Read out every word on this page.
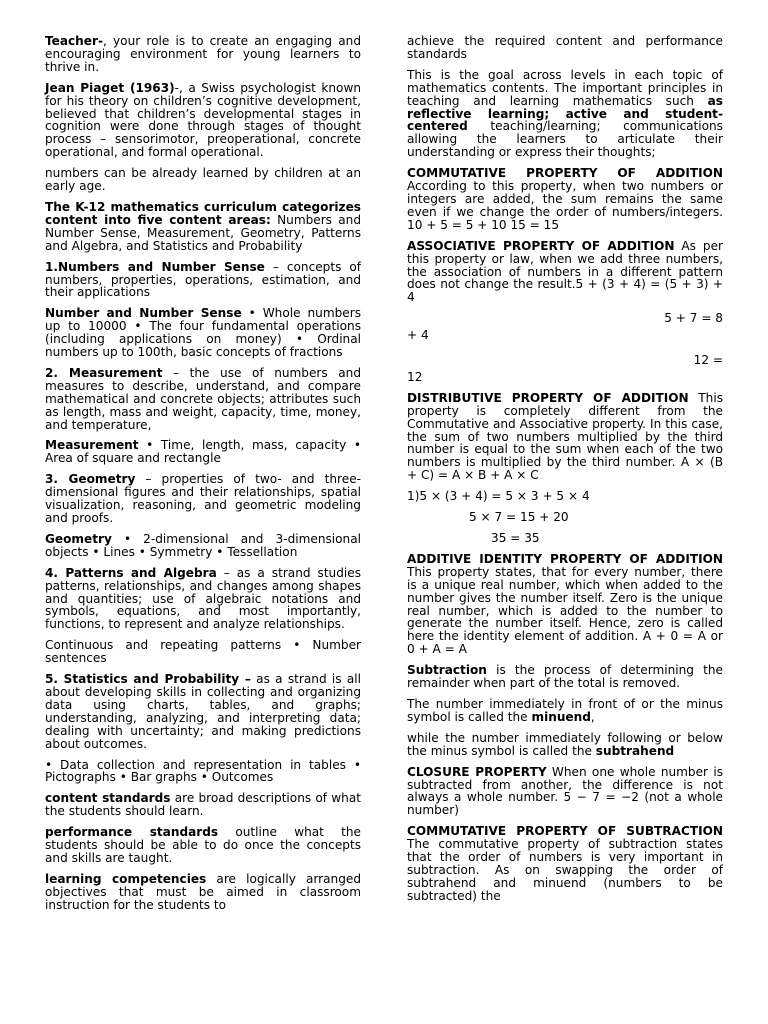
Teacher-, your role is to create an engaging and encouraging environment for young learners to thrive in.

Jean Piaget (1963)-, a Swiss psychologist known for his theory on children’s cognitive development, believed that children’s developmental stages in cognition were done through stages of thought process – sensorimotor, preoperational, concrete operational, and formal operational.

numbers can be already learned by children at an early age.

The K-12 mathematics curriculum categorizes content into five content areas: Numbers and Number Sense, Measurement, Geometry, Patterns and Algebra, and Statistics and Probability

1.Numbers and Number Sense – concepts of numbers, properties, operations, estimation, and their applications

Number and Number Sense • Whole numbers up to 10000 • The four fundamental operations (including applications on money) • Ordinal numbers up to 100th, basic concepts of fractions

2. Measurement – the use of numbers and measures to describe, understand, and compare mathematical and concrete objects; attributes such as length, mass and weight, capacity, time, money, and temperature,

Measurement • Time, length, mass, capacity • Area of square and rectangle

3. Geometry – properties of two- and three-dimensional figures and their relationships, spatial visualization, reasoning, and geometric modeling and proofs.

Geometry • 2-dimensional and 3-dimensional objects • Lines • Symmetry • Tessellation

4. Patterns and Algebra – as a strand studies patterns, relationships, and changes among shapes and quantities; use of algebraic notations and symbols, equations, and most importantly, functions, to represent and analyze relationships.

Continuous and repeating patterns • Number sentences

5. Statistics and Probability – as a strand is all about developing skills in collecting and organizing data using charts, tables, and graphs; understanding, analyzing, and interpreting data; dealing with uncertainty; and making predictions about outcomes.

• Data collection and representation in tables • Pictographs • Bar graphs • Outcomes

content standards are broad descriptions of what the students should learn.

performance standards outline what the students should be able to do once the concepts and skills are taught.

learning competencies are logically arranged objectives that must be aimed in classroom instruction for the students to

achieve the required content and performance standards

This is the goal across levels in each topic of mathematics contents. The important principles in teaching and learning mathematics such as reflective learning; active and student-centered teaching/learning; communications allowing the learners to articulate their understanding or express their thoughts;

COMMUTATIVE PROPERTY OF ADDITION According to this property, when two numbers or integers are added, the sum remains the same even if we change the order of numbers/integers. 10 + 5 = 5 + 10 15 = 15

ASSOCIATIVE PROPERTY OF ADDITION As per this property or law, when we add three numbers, the association of numbers in a different pattern does not change the result.5 + (3 + 4) = (5 + 3) + 4

5 + 7 = 8

+ 4

12 =

12

DISTRIBUTIVE PROPERTY OF ADDITION This property is completely different from the Commutative and Associative property. In this case, the sum of two numbers multiplied by the third number is equal to the sum when each of the two numbers is multiplied by the third number. A × (B + C) = A × B + A × C

1)5 × (3 + 4) = 5 × 3 + 5 × 4

5 × 7 = 15 + 20

35 = 35

ADDITIVE IDENTITY PROPERTY OF ADDITION This property states, that for every number, there is a unique real number, which when added to the number gives the number itself. Zero is the unique real number, which is added to the number to generate the number itself. Hence, zero is called here the identity element of addition. A + 0 = A or 0 + A = A

Subtraction is the process of determining the remainder when part of the total is removed.

The number immediately in front of or the minus symbol is called the minuend,

while the number immediately following or below the minus symbol is called the subtrahend

CLOSURE PROPERTY When one whole number is subtracted from another, the difference is not always a whole number. 5 − 7 = −2 (not a whole number)

COMMUTATIVE PROPERTY OF SUBTRACTION The commutative property of subtraction states that the order of numbers is very important in subtraction. As on swapping the order of subtrahend and minuend (numbers to be subtracted) the
